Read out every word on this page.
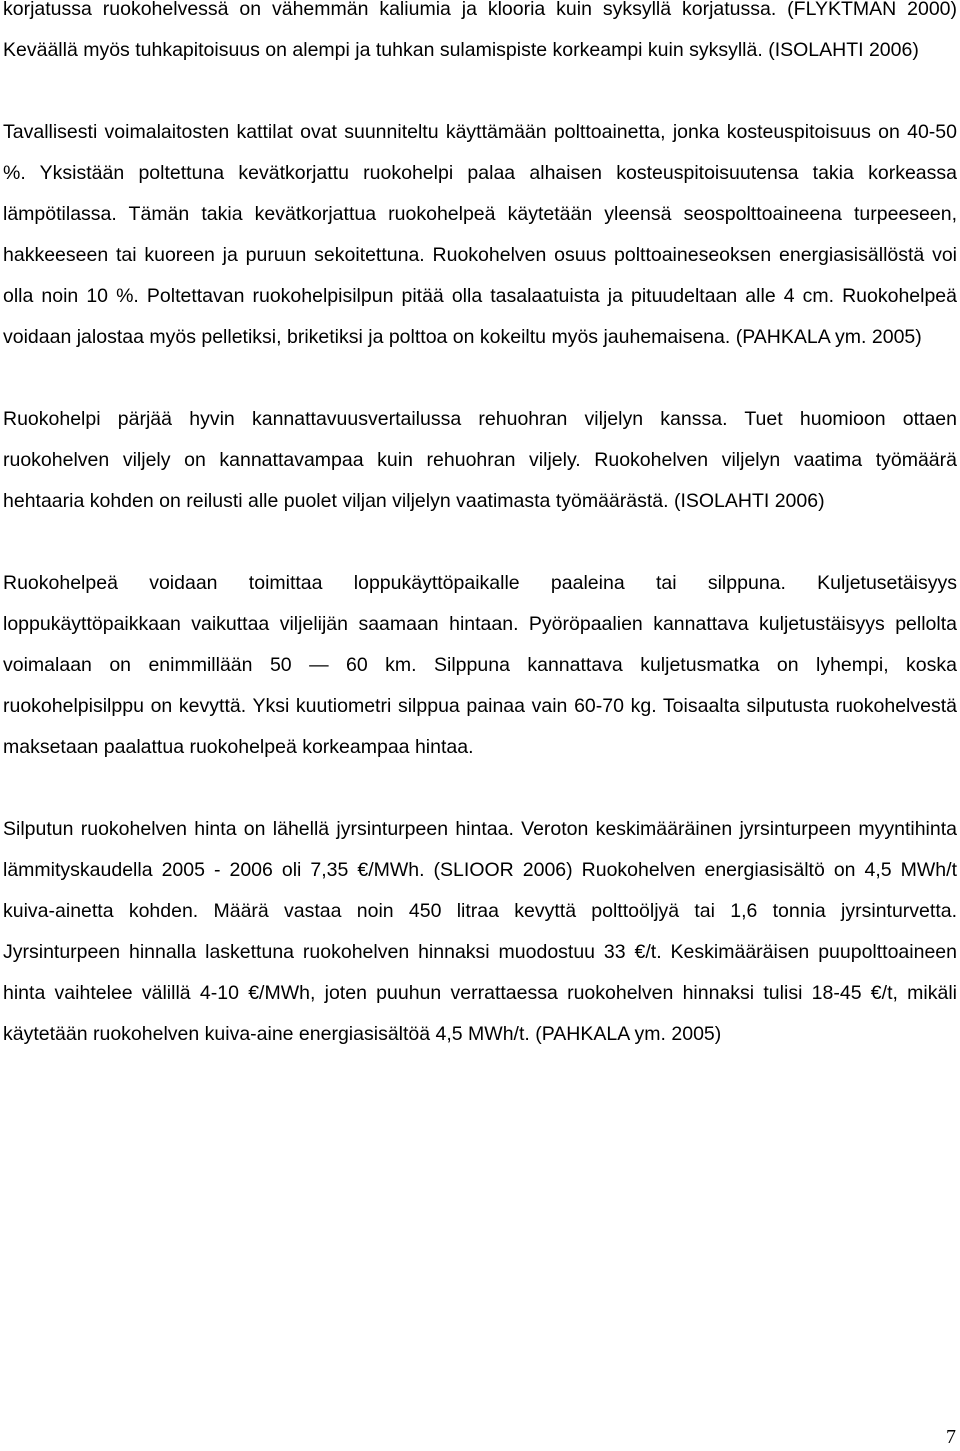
korjatussa ruokohelvessä on vähemmän kaliumia ja klooria kuin syksyllä korjatussa. (FLYKTMAN 2000) Keväällä myös tuhkapitoisuus on alempi ja tuhkan sulamispiste korkeampi kuin syksyllä. (ISOLAHTI 2006)

Tavallisesti voimalaitosten kattilat ovat suunniteltu käyttämään polttoainetta, jonka kosteuspitoisuus on 40-50 %. Yksistään poltettuna kevätkorjattu ruokohelpi palaa alhaisen kosteuspitoisuutensa takia korkeassa lämpötilassa. Tämän takia kevätkorjattua ruokohelpeä käytetään yleensä seospolttoaineena turpeeseen, hakkeeseen tai kuoreen ja puruun sekoitettuna. Ruokohelven osuus polttoaineseoksen energiasisällöstä voi olla noin 10 %. Poltettavan ruokohelpisilpun pitää olla tasalaatuista ja pituudeltaan alle 4 cm. Ruokohelpeä voidaan jalostaa myös pelletiksi, briketiksi ja polttoa on kokeiltu myös jauhemaisena. (PAHKALA ym. 2005)

Ruokohelpi pärjää hyvin kannattavuusvertailussa rehuohran viljelyn kanssa. Tuet huomioon ottaen ruokohelven viljely on kannattavampaa kuin rehuohran viljely. Ruokohelven viljelyn vaatima työmäärä hehtaaria kohden on reilusti alle puolet viljan viljelyn vaatimasta työmäärästä. (ISOLAHTI 2006)

Ruokohelpeä voidaan toimittaa loppukäyttöpaikalle paaleina tai silppuna. Kuljetusetäisyys loppukäyttöpaikkaan vaikuttaa viljelijän saamaan hintaan. Pyöröpaalien kannattava kuljetustäisyys pellolta voimalaan on enimmillään 50 — 60 km. Silppuna kannattava kuljetusmatka on lyhempi, koska ruokohelpisilppu on kevyttä. Yksi kuutiometri silppua painaa vain 60-70 kg. Toisaalta silputusta ruokohelvestä maksetaan paalattua ruokohelpeä korkeampaa hintaa.

Silputun ruokohelven hinta on lähellä jyrsinturpeen hintaa. Veroton keskimääräinen jyrsinturpeen myyntihinta lämmityskaudella 2005 - 2006 oli 7,35 €/MWh. (SLIOOR 2006) Ruokohelven energiasisältö on 4,5 MWh/t kuiva-ainetta kohden. Määrä vastaa noin 450 litraa kevyttä polttoöljyä tai 1,6 tonnia jyrsinturvetta. Jyrsinturpeen hinnalla laskettuna ruokohelven hinnaksi muodostuu 33 €/t. Keskimääräisen puupolttoaineen hinta vaihtelee välillä 4-10 €/MWh, joten puuhun verrattaessa ruokohelven hinnaksi tulisi 18-45 €/t, mikäli käytetään ruokohelven kuiva-aine energiasisältöä 4,5 MWh/t. (PAHKALA ym. 2005)

7
